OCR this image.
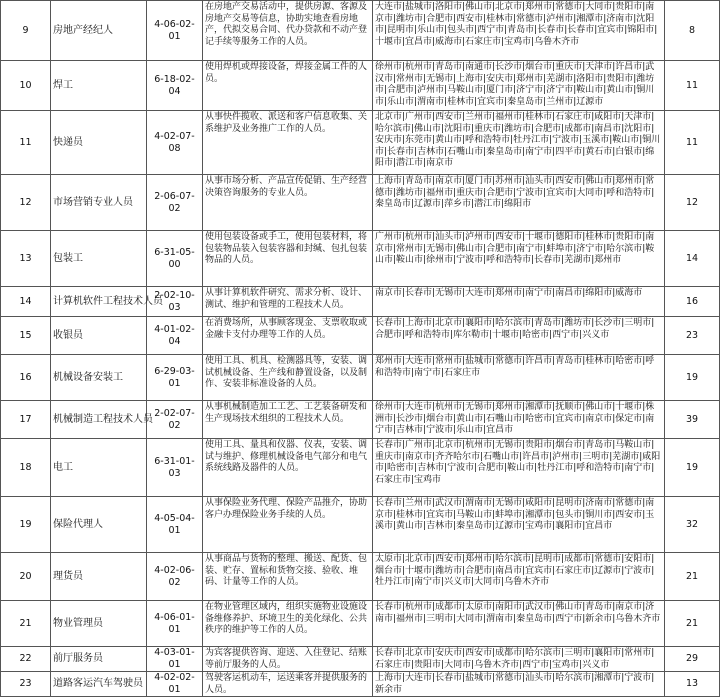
9	房地产经纪人	4-06-02-01	在房地产交易活动中，提供房源、客源及房地产交易等信息，协助实地查看房地产，代拟交易合同、代办贷款和不动产登记手续等服务工作的人员。	大连市|盐城市|洛阳市|佛山市|北京市|郑州市|常德市|大同市|贵阳市|南京市|潍坊市|合肥市|西安市|桂林市|常德市|泸州市|湘潭市|济南市|沈阳市|昆明市|乐山市|包头市|西宁市|青岛市|长春市|长春市|宜宾市|锦阳市|十堰市|宜昌市|威海市|石家庄市|宝鸡市|乌鲁木齐市	8
10	焊工	6-18-02-04	使用焊机或焊接设备，焊接金属工件的人员。	徐州市|杭州市|青岛市|南通市|长沙市|烟台市|重庆市|天津市|许昌市|武汉市|常州市|无锡市|上海市|安庆市|郑州市|芜湖市|洛阳市|贵阳市|潍坊市|合肥市|泸州市|马鞍山市|厦门市|济宁市|济宁市|鞍山市|黄山市|铜川市|乐山市|渭南市|桂林市|宜宾市|秦皇岛市|兰州市|辽源市	11
11	快递员	4-02-07-08	从事快件揽收、派送和客户信息收集、关系维护及业务推广工作的人员。	北京市|广州市|西安市|兰州市|福州市|桂林市|石家庄市|咸阳市|天津市|哈尔滨市|佛山市|沈阳市|重庆市|潍坊市|合肥市|成都市|南昌市|沈阳市|安庆市|东莞市|黄山市|呼和浩特市|牡丹江市|宁波市|玉溪市|鞍山市|铜川市|长春市|吉林市|石嘴山市|秦皇岛市|南宁市|四平市|黄石市|白银市|绵阳市|潜江市|南京市	11
12	市场营销专业人员	2-06-07-02	从事市场分析、产品宣传促销、生产经营决策咨询服务的专业人员。	上海市|青岛市|南京市|厦门市|苏州市|汕头市|西安市|佛山市|郑州市|常德市|潍坊市|福州市|重庆市|合肥市|宁波市|宜宾市|大同市|呼和浩特市|秦皇岛市|辽源市|萍乡市|潜江市|绵阳市	12
13	包装工	6-31-05-00	使用包装设备或手工，使用包装材料，将包装物品装入包装容器和封缄、包扎包装物品的人员。	广州市|杭州市|汕头市|泸州市|西安市|十堰市|德阳市|桂林市|贵阳市|南京市|常州市|无锡市|佛山市|合肥市|南宁市|蚌埠市|济宁市|哈尔滨市|鞍山市|鞍山市|徐州市|宁波市|呼和浩特市|长春市|芜湖市|郑州市	14
14	计算机软件工程技术人员	2-02-10-03	从事计算机软件研究、需求分析、设计、测试、维护和管理的工程技术人员。	南京市|长春市|无锡市|大连市|郑州市|南宁市|南昌市|绵阳市|威海市	16
15	收银员	4-01-02-04	在消费场所，从事顾客现金、支票收取或金融卡支付办理等工作的人员。	长春市|上海市|北京市|襄阳市|哈尔滨市|青岛市|潍坊市|长沙市|三明市|合肥市|呼和浩特市|库尔勒市|十堰市|哈密市|西宁市|兴义市	23
16	机械设备安装工	6-29-03-01	使用工具、机具、检测器具等，安装、调试机械设备、生产线和静置设备，以及制作、安装非标准设备的人员。	郑州市|大连市|常州市|盐城市|常德市|许昌市|青岛市|桂林市|哈密市|呼和浩特市|南宁市|石家庄市	19
17	机械制造工程技术人员	2-02-07-02	从事机械制造加工工艺、工艺装备研发和生产现场技术组织的工程技术人员。	徐州市|大连市|杭州市|无锡市|郑州市|湘潭市|抚顺市|佛山市|十堰市|株洲市|长沙市|烟台市|黄山市|石嘴山市|哈密市|宜宾市|南京市|保定市|南宁市|吉林市|宁波市|乐山市|宜昌市	39
18	电工	6-31-01-03	使用工具、量具和仪器、仪表，安装、调试与维护、修理机械设备电气部分和电气系统线路及器件的人员。	长春市|广州市|北京市|杭州市|无锡市|贵阳市|烟台市|青岛市|马鞍山市|重庆市|南京市|齐齐哈尔市|石嘴山市|许昌市|泸州市|三明市|芜湖市|咸阳市|哈密市|吉林市|宁波市|合肥市|鞍山市|牡丹江市|呼和浩特市|南宁市|石家庄市|宝鸡市	19
19	保险代理人	4-05-04-01	从事保险业务代理、保险产品推介，协助客户办理保险业务手续的人员。	长春市|兰州市|武汉市|渭南市|无锡市|咸阳市|昆明市|济南市|常德市|南京市|桂林市|宜宾市|马鞍山市|蚌埠市|湘潭市|包头市|铜川市|西安市|玉溪市|黄山市|吉林市|秦皇岛市|辽源市|宝鸡市|襄阳市|宜昌市	32
20	理货员	4-02-06-02	从事商品与货物的整理、搬送、配货、包装、贮存、置标和货物交接、验收、堆码、计量等工作的人员。	太原市|北京市|西安市|郑州市|哈尔滨市|昆明市|成都市|常德市|安阳市|烟台市|十堰市|潍坊市|合肥市|南昌市|宜宾市|石家庄市|辽源市|宁波市|牡丹江市|南宁市|兴义市|大同市|乌鲁木齐市	21
21	物业管理员	4-06-01-01	在物业管理区域内，组织实施物业设施设备维修养护、环境卫生的美化绿化、公共秩序的维护等工作的人员。	长春市|杭州市|成都市|太原市|南阳市|武汉市|佛山市|青岛市|南京市|济南市|福州市|三明市|大同市|渭南市|秦皇岛市|西宁市|新余市|乌鲁木齐市	21
22	前厅服务员	4-03-01-01	为宾客提供咨询、迎送、入住登记、结账等前厅服务的人员。	长春市|北京市|安庆市|西安市|成都市|哈尔滨市|三明市|襄阳市|常州市|石家庄市|贵阳市|大同市|乌鲁木齐市|西宁市|宝鸡市|兴义市	29
23	道路客运汽车驾驶员	4-02-02-01	驾驶客运机动车，运送乘客并提供服务的人员。	上海市|大连市|长春市|盐城市|常德市|汕头市|哈尔滨市|湘潭市|宁波市|新余市	13
